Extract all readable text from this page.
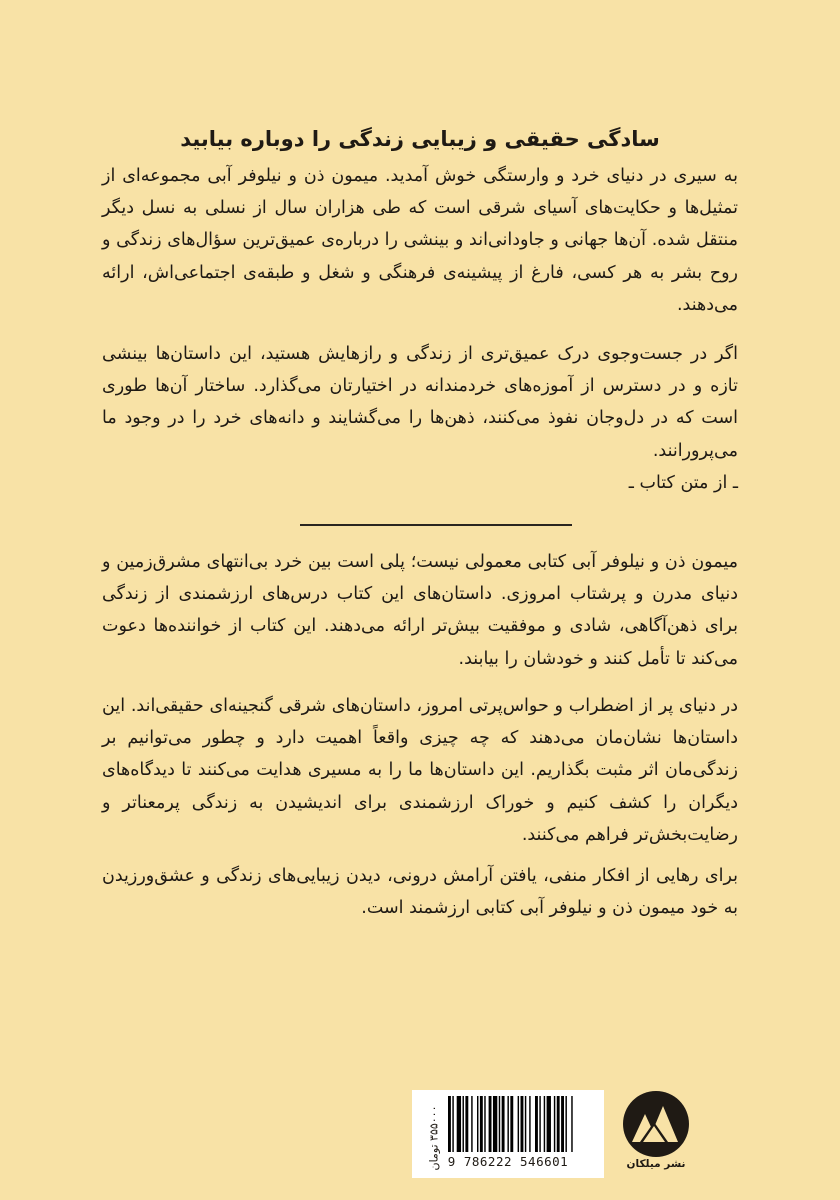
سادگی حقیقی و زیبایی زندگی را دوباره بیابید

به سیری در دنیای خرد و وارستگی خوش آمدید. میمون ذن و نیلوفر آبی مجموعه‌ای از تمثیل‌ها و حکایت‌های آسیای شرقی است که طی هزاران سال از نسلی به نسل دیگر منتقل شده. آن‌ها جهانی و جاودانی‌اند و بینشی را درباره‌ی عمیق‌ترین سؤال‌های زندگی و روح بشر به هر کسی، فارغ از پیشینه‌ی فرهنگی و شغل و طبقه‌ی اجتماعی‌اش، ارائه می‌دهند.

اگر در جست‌وجوی درک عمیق‌تری از زندگی و رازهایش هستید، این داستان‌ها بینشی تازه و در دسترس از آموزه‌های خردمندانه در اختیارتان می‌گذارد. ساختار آن‌ها طوری است که در دل‌وجان نفوذ می‌کنند، ذهن‌ها را می‌گشایند و دانه‌های خرد را در وجود ما می‌پرورانند.

ـ از متن کتاب ـ

میمون ذن و نیلوفر آبی کتابی معمولی نیست؛ پلی است بین خرد بی‌انتهای مشرق‌زمین و دنیای مدرن و پرشتاب امروزی. داستان‌های این کتاب درس‌های ارزشمندی از زندگی برای ذهن‌آگاهی، شادی و موفقیت بیش‌تر ارائه می‌دهند. این کتاب از خواننده‌ها دعوت می‌کند تا تأمل کنند و خودشان را بیابند.

در دنیای پر از اضطراب و حواس‌پرتی امروز، داستان‌های شرقی گنجینه‌ای حقیقی‌اند. این داستان‌ها نشان‌مان می‌دهند که چه چیزی واقعاً اهمیت دارد و چطور می‌توانیم بر زندگی‌مان اثر مثبت بگذاریم. این داستان‌ها ما را به مسیری هدایت می‌کنند تا دیدگاه‌های دیگران را کشف کنیم و خوراک ارزشمندی برای اندیشیدن به زندگی پرمعناتر و رضایت‌بخش‌تر فراهم می‌کنند.

برای رهایی از افکار منفی، یافتن آرامش درونی، دیدن زیبایی‌های زندگی و عشق‌ورزیدن به خود میمون ذن و نیلوفر آبی کتابی ارزشمند است.

9 786222 546601
۳۵۵۰۰۰ تومان
نشر میلکان
